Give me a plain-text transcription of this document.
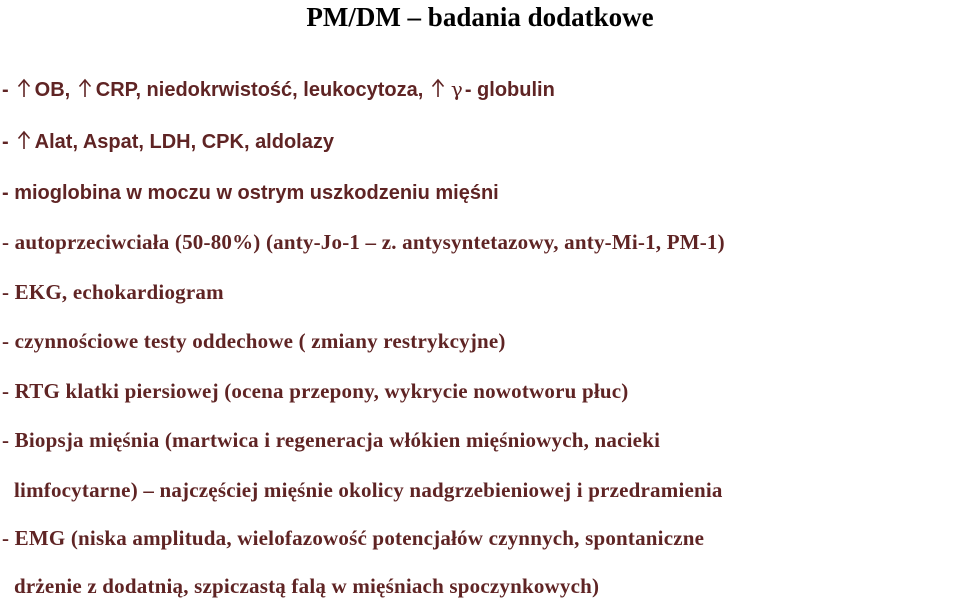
PM/DM – badania dodatkowe
- OB, CRP, niedokrwistość, leukocytoza, γ - globulin
- Alat, Aspat, LDH, CPK, aldolazy
- mioglobina w moczu w ostrym uszkodzeniu mięśni
- autoprzeciwciała (50-80%) (anty-Jo-1 – z. antysyntetazowy, anty-Mi-1, PM-1)
- EKG, echokardiogram
- czynnościowe testy oddechowe ( zmiany restrykcyjne)
- RTG klatki piersiowej (ocena przepony, wykrycie nowotworu płuc)
- Biopsja mięśnia (martwica i regeneracja włókien mięśniowych, nacieki
limfocytarne) – najczęściej mięśnie okolicy nadgrzebieniowej i przedramienia
- EMG (niska amplituda, wielofazowość potencjałów czynnych, spontaniczne
drżenie z dodatnią, szpiczastą falą w mięśniach spoczynkowych)
